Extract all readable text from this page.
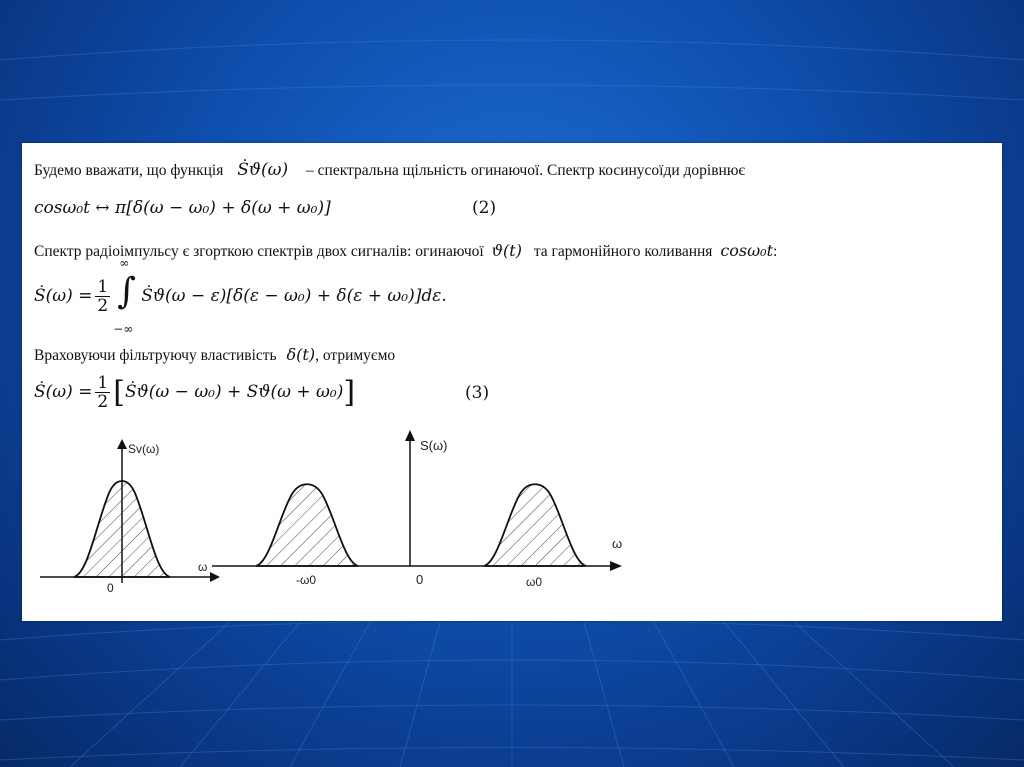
Будемо вважати, що функція Ṡϑ(ω) – спектральна щільність огинаючої. Спектр косинусоїди дорівнює
cosω₀t ↔ π[δ(ω − ω₀) + δ(ω + ω₀)]	(2)
Спектр радіоімпульсу є згорткою спектрів двох сигналів: огинаючої ϑ(t) та гармонійного коливання cosω₀t:
Ṡ(ω) = $\frac{1}{2}$
∞
∫
−∞
Ṡϑ(ω − ε)[δ(ε − ω₀) + δ(ε + ω₀)]dε.
Враховуючи фільтруючу властивість δ(t), отримуємо
Ṡ(ω) = $\frac{1}{2}$ [ Ṡϑ(ω − ω₀) + Sϑ(ω + ω₀) ]	(3)
Sv(ω)
ω
0
S(ω)
ω
-ω0	0	ω0
